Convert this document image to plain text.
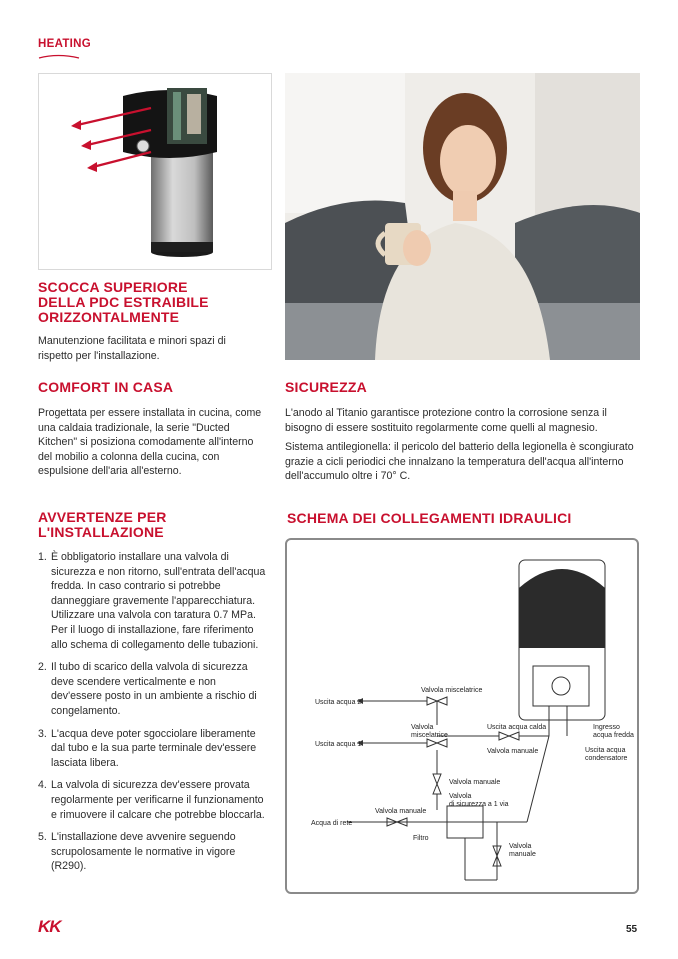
HEATING
SCOCCA SUPERIORE
DELLA PDC ESTRAIBILE
ORIZZONTALMENTE

Manutenzione facilitata e minori spazi di rispetto per l'installazione.

COMFORT IN CASA

Progettata per essere installata in cucina, come una caldaia tradizionale, la serie "Ducted Kitchen" si posiziona comodamente all'interno del mobilio a colonna della cucina, con espulsione dell'aria all'esterno.

SICUREZZA

L'anodo al Titanio garantisce protezione contro la corrosione senza il bisogno di essere sostituito regolarmente come quelli al magnesio.

Sistema antilegionella: il pericolo del batterio della legionella è scongiurato grazie a cicli periodici che innalzano la temperatura dell'acqua all'interno dell'accumulo oltre i 70° C.

AVVERTENZE PER
L'INSTALLAZIONE
1. È obbligatorio installare una valvola di sicurezza e non ritorno, sull'entrata dell'acqua fredda. In caso contrario si potrebbe danneggiare gravemente l'apparecchiatura. Utilizzare una valvola con taratura 0.7 MPa. Per il luogo di installazione, fare riferimento allo schema di collegamento delle tubazioni.
2. Il tubo di scarico della valvola di sicurezza deve scendere verticalmente e non dev'essere posto in un ambiente a rischio di congelamento.
3. L'acqua deve poter sgocciolare liberamente dal tubo e la sua parte terminale dev'essere lasciata libera.
4. La valvola di sicurezza dev'essere provata regolarmente per verificarne il funzionamento e rimuovere il calcare che potrebbe bloccarla.
5. L'installazione deve avvenire seguendo scrupolosamente le normative in vigore (R290).
SCHEMA DEI COLLEGAMENTI IDRAULICI
Uscita acqua 2
Uscita acqua 1
Valvola miscelatrice
Valvola
miscelatrice
Uscita acqua calda
Valvola manuale
Ingresso
acqua fredda
Uscita acqua
condensatore
Valvola manuale
Valvola manuale
Valvola
di sicurezza a 1 via
Acqua di rete
Filtro
Valvola
manuale
KK	55
